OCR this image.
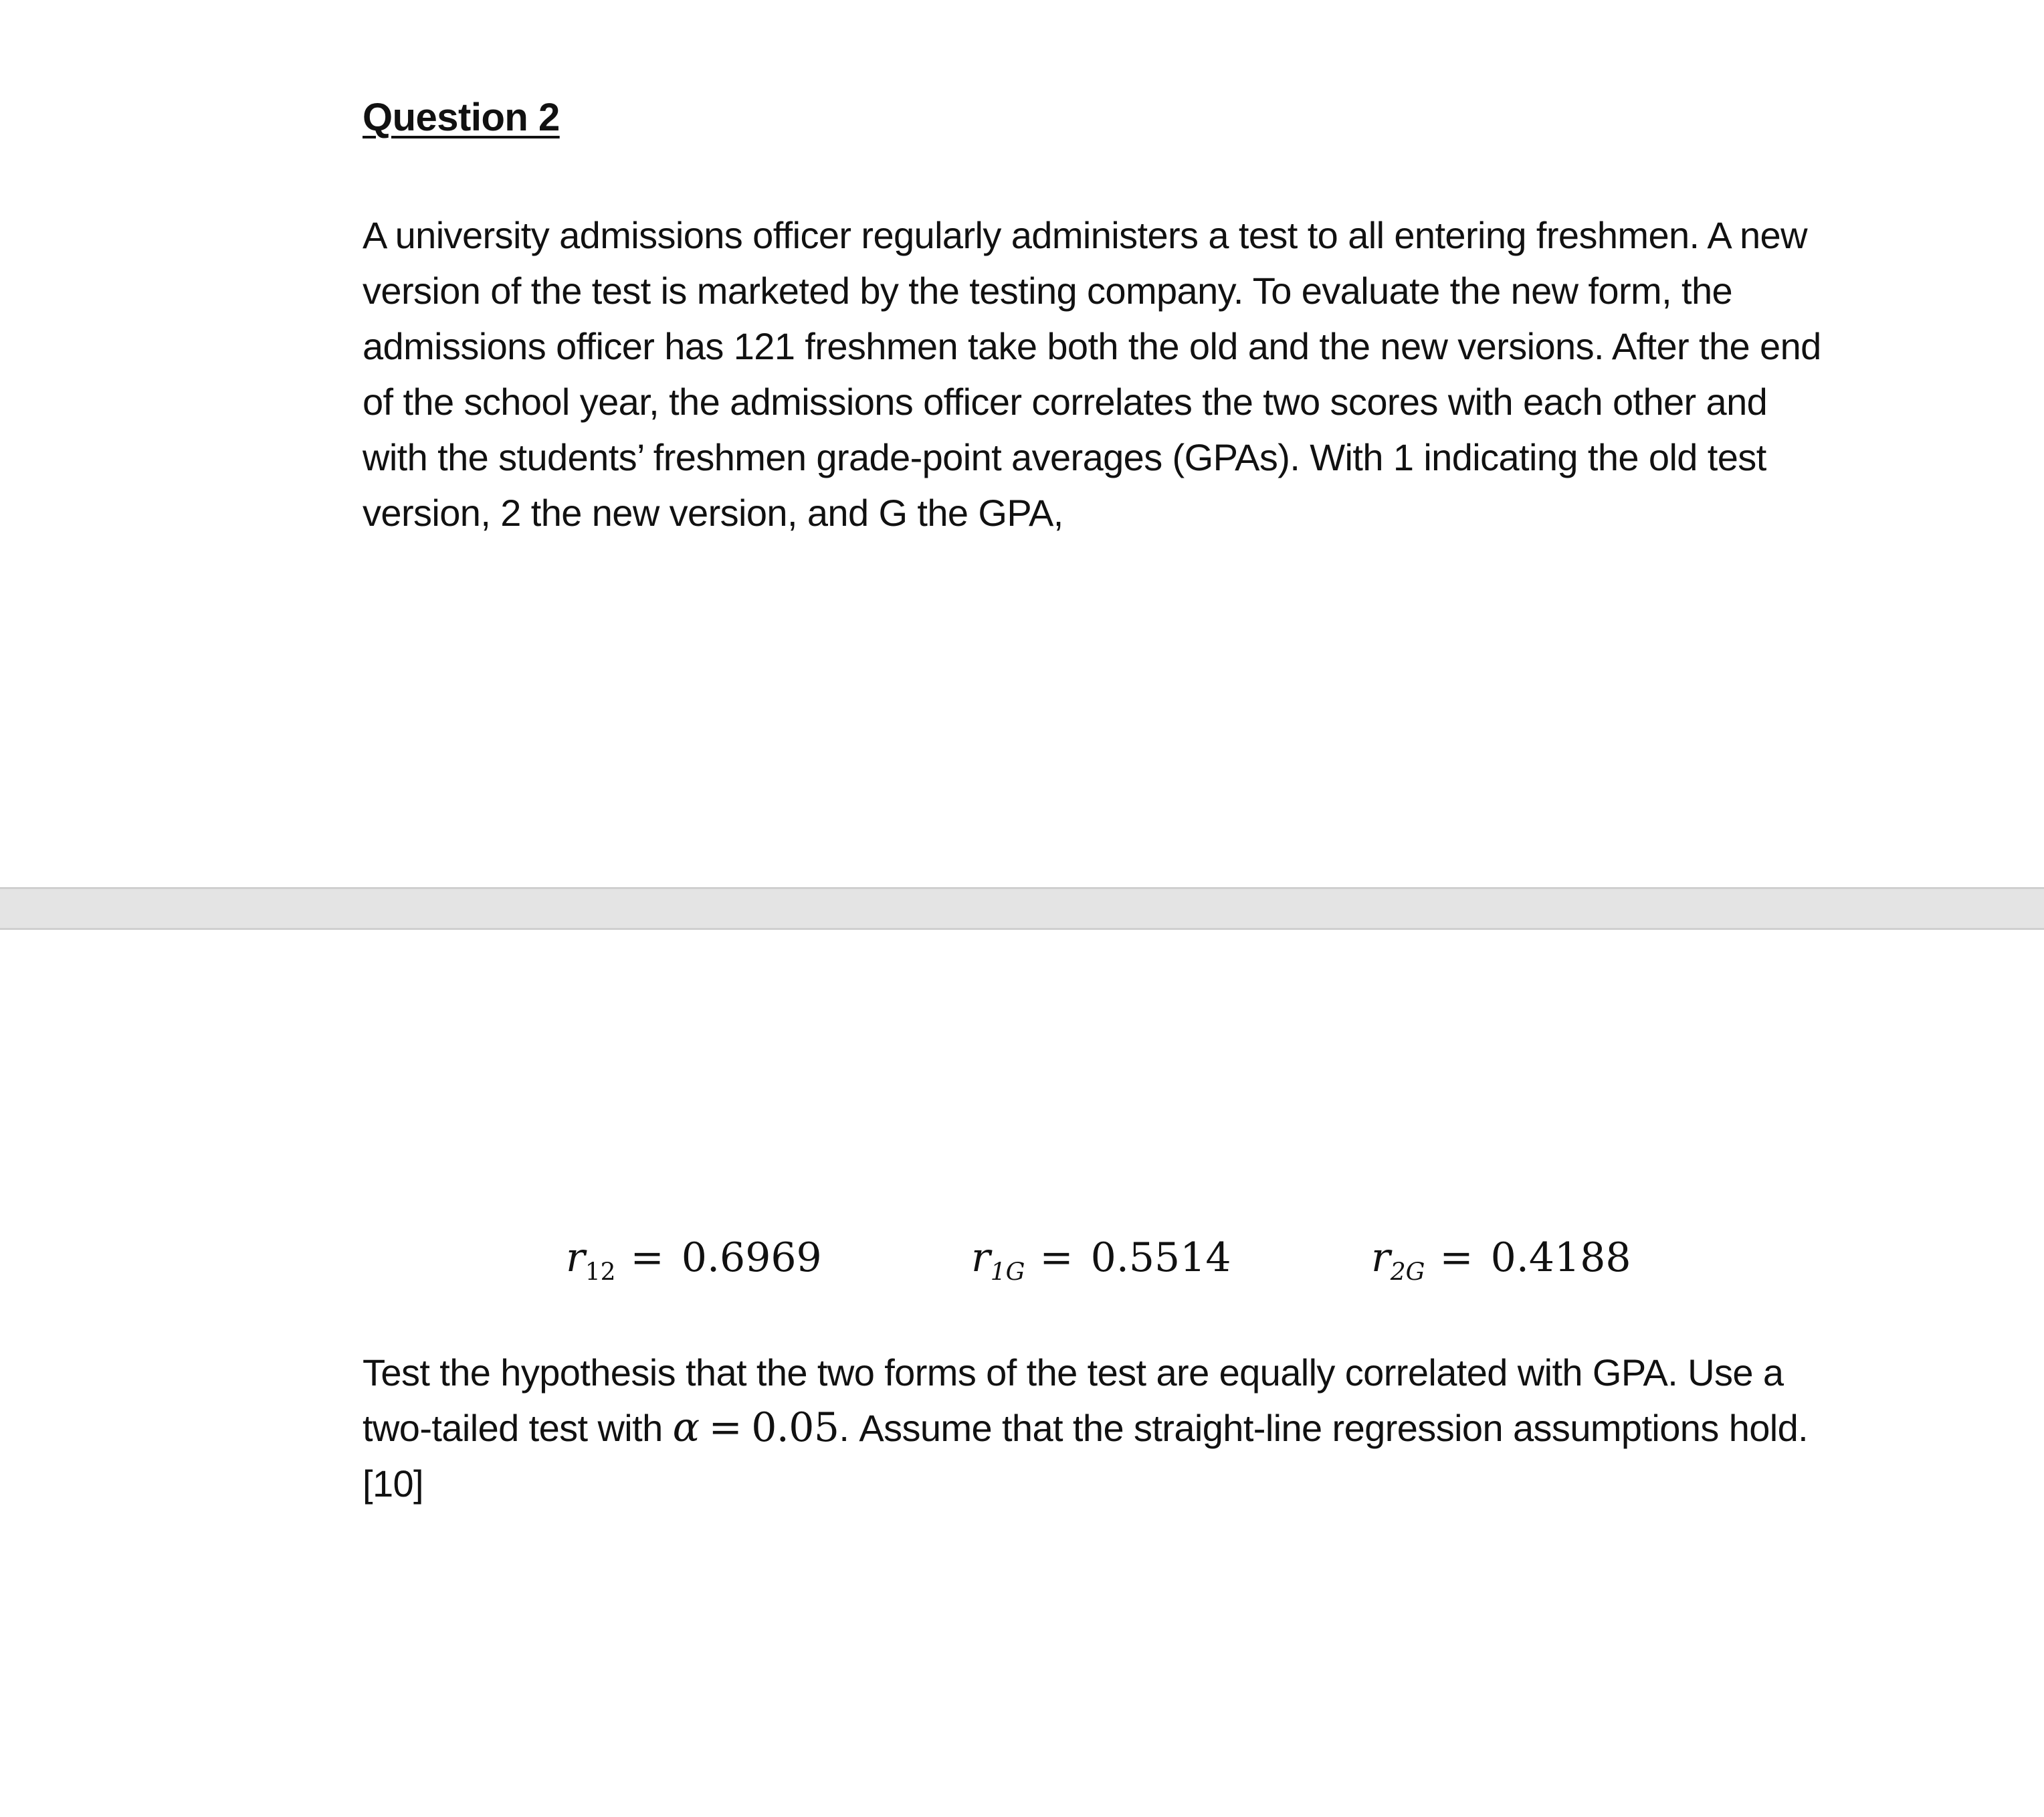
Question 2

A university admissions officer regularly administers a test to all entering freshmen. A new version of the test is marketed by the testing company. To evaluate the new form, the admissions officer has 121 freshmen take both the old and the new versions. After the end of the school year, the admissions officer correlates the two scores with each other and with the students’ freshmen grade-point averages (GPAs). With 1 indicating the old test version, 2 the new version, and G the GPA,

$r_{12} = 0.6969$	$r_{1G} = 0.5514$	$r_{2G} = 0.4188$

Test the hypothesis that the two forms of the test are equally correlated with GPA. Use a two-tailed test with α = 0.05. Assume that the straight-line regression assumptions hold. [10]
